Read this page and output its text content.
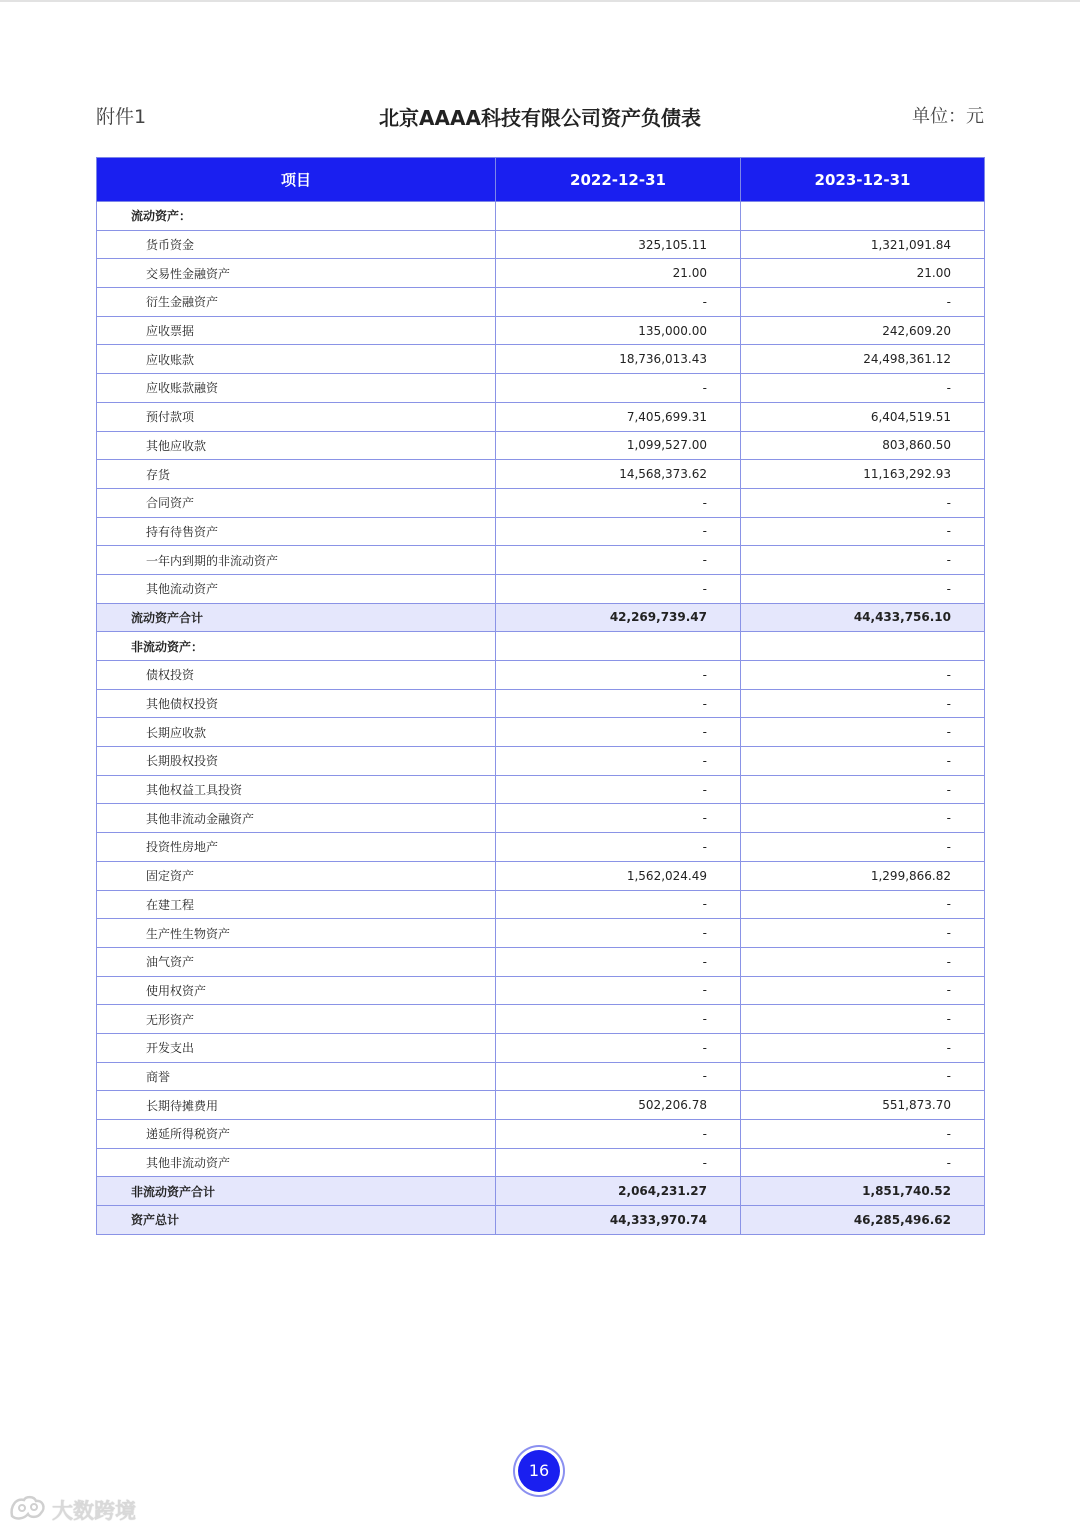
附件1	北京AAAA科技有限公司资产负债表	单位：元
项目	2022-12-31	2023-12-31
流动资产：		
货币资金	325,105.11	1,321,091.84
交易性金融资产	21.00	21.00
衍生金融资产	-	-
应收票据	135,000.00	242,609.20
应收账款	18,736,013.43	24,498,361.12
应收账款融资	-	-
预付款项	7,405,699.31	6,404,519.51
其他应收款	1,099,527.00	803,860.50
存货	14,568,373.62	11,163,292.93
合同资产	-	-
持有待售资产	-	-
一年内到期的非流动资产	-	-
其他流动资产	-	-
流动资产合计	42,269,739.47	44,433,756.10
非流动资产：		
债权投资	-	-
其他债权投资	-	-
长期应收款	-	-
长期股权投资	-	-
其他权益工具投资	-	-
其他非流动金融资产	-	-
投资性房地产	-	-
固定资产	1,562,024.49	1,299,866.82
在建工程	-	-
生产性生物资产	-	-
油气资产	-	-
使用权资产	-	-
无形资产	-	-
开发支出	-	-
商誉	-	-
长期待摊费用	502,206.78	551,873.70
递延所得税资产	-	-
其他非流动资产	-	-
非流动资产合计	2,064,231.27	1,851,740.52
资产总计	44,333,970.74	46,285,496.62
16
大数跨境
